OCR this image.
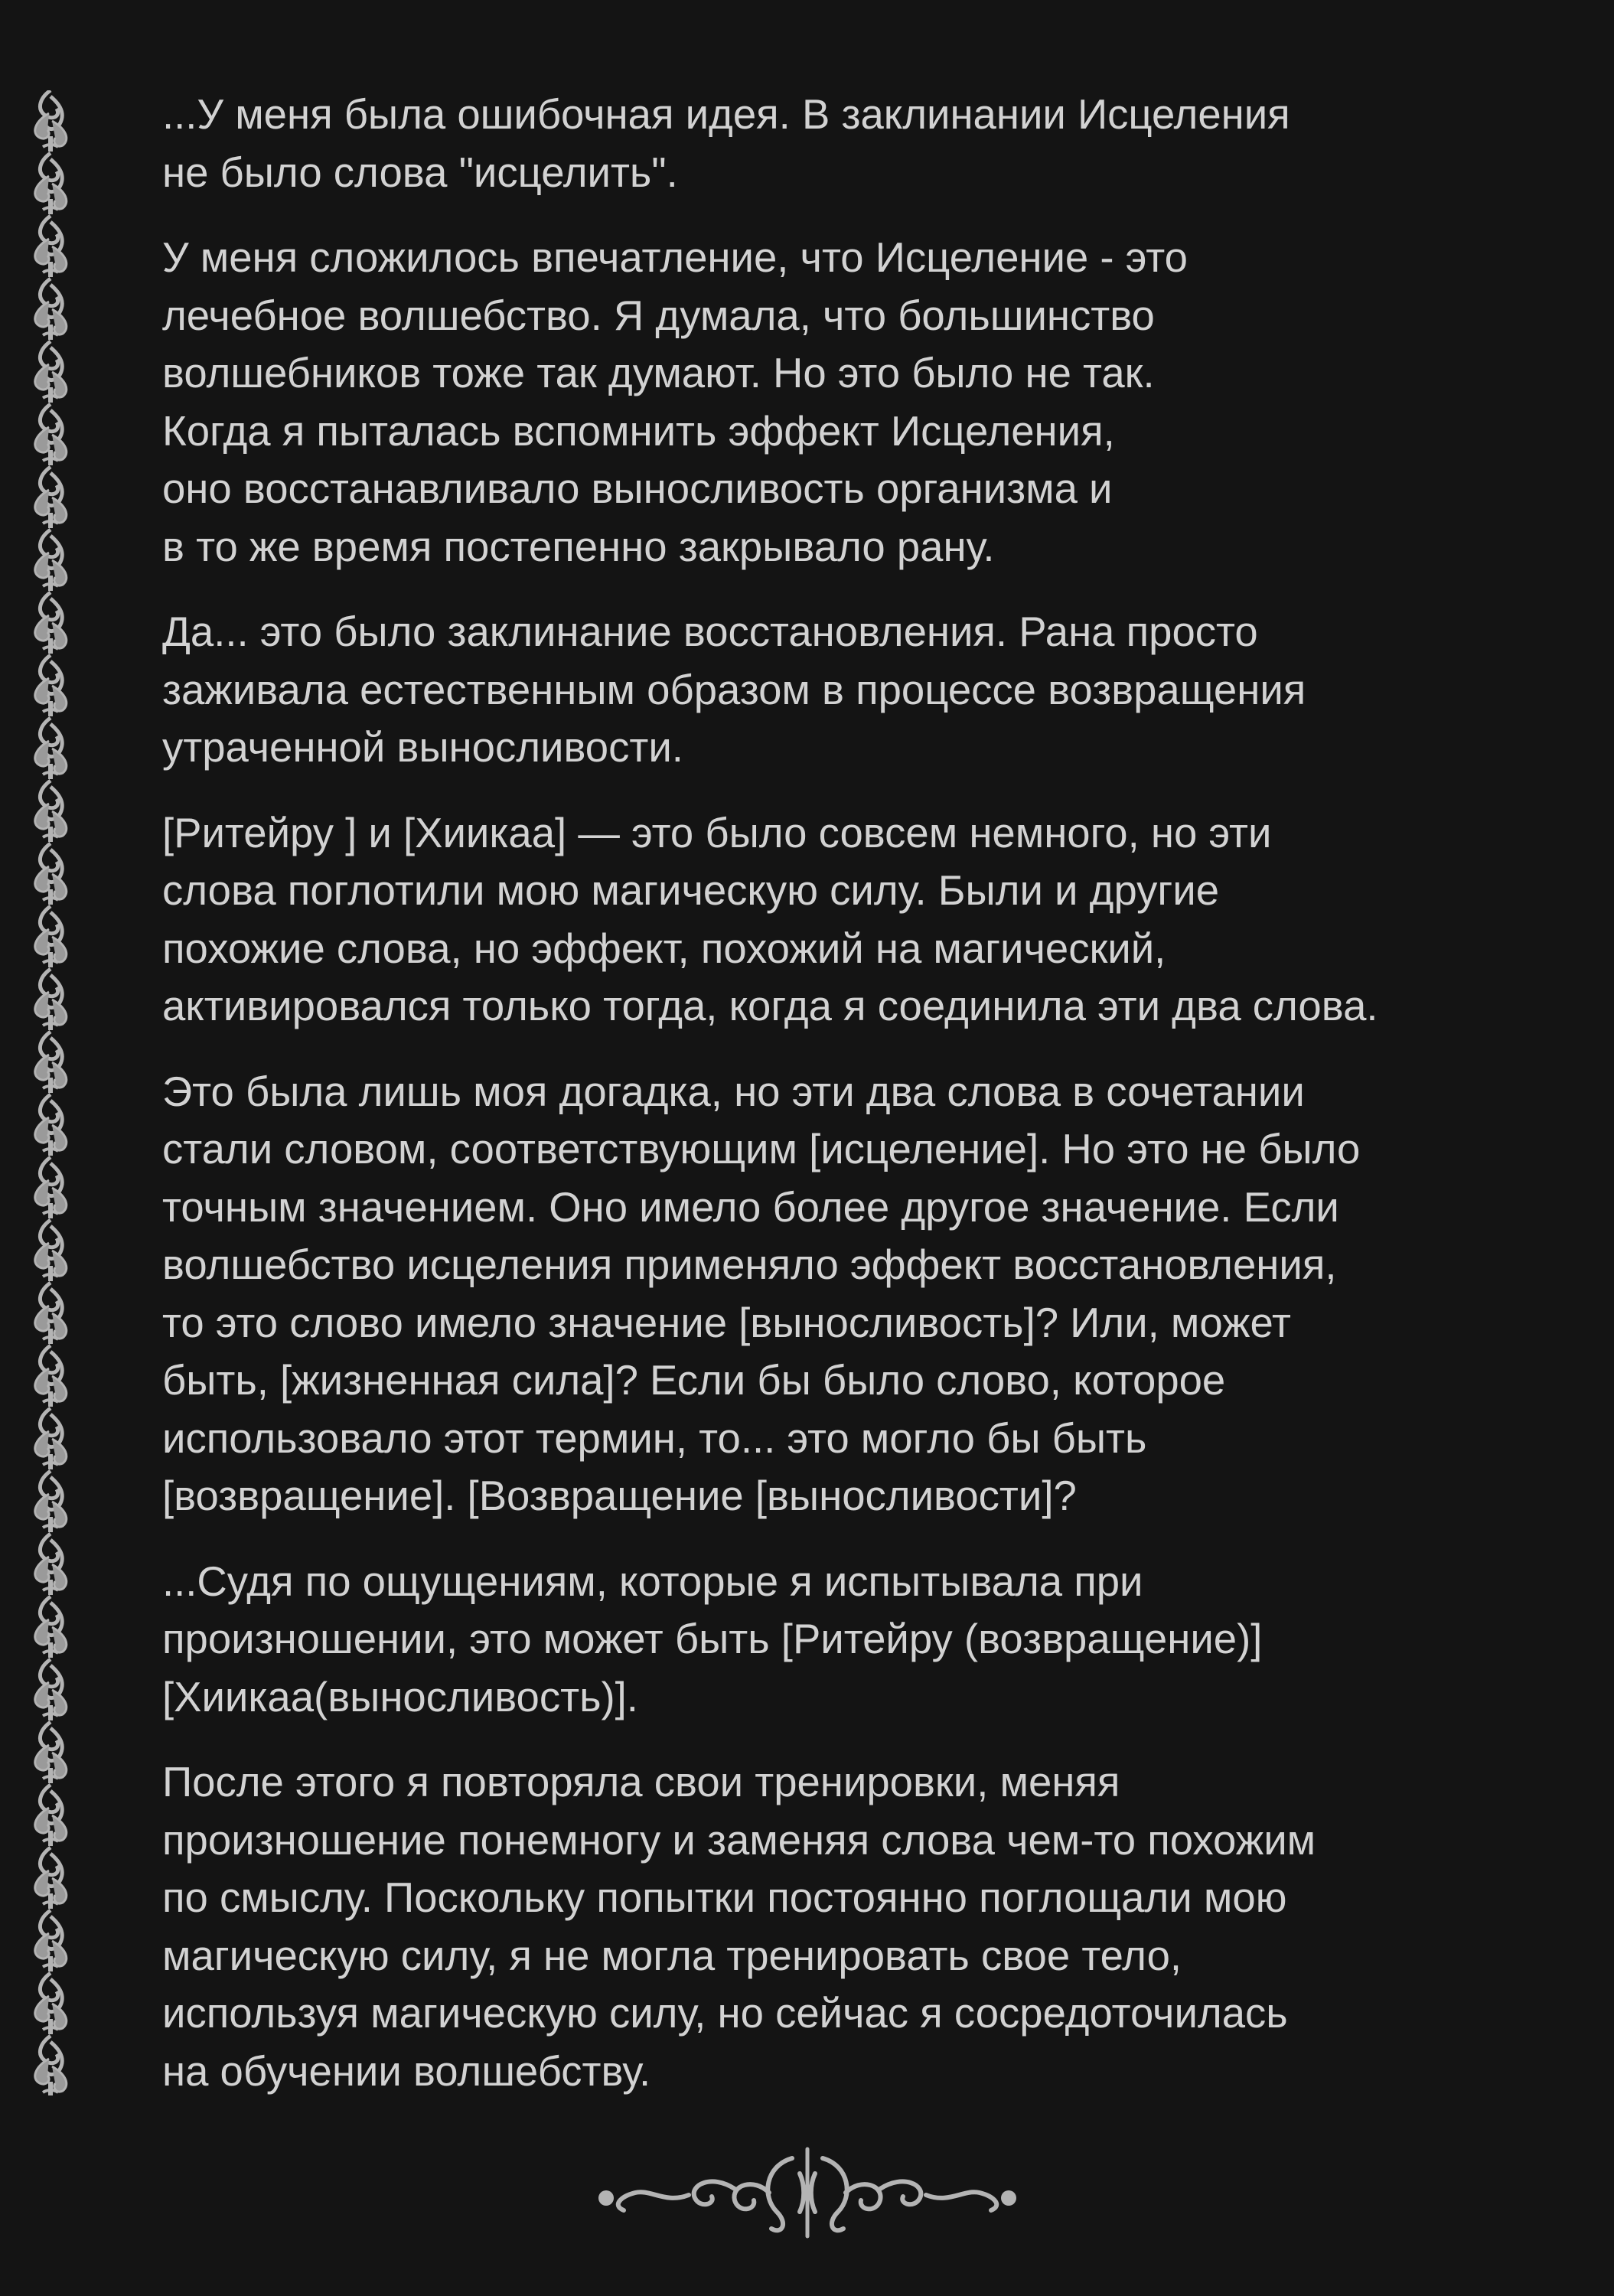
...У меня была ошибочная идея. В заклинании Исцеления
не было слова "исцелить".

У меня сложилось впечатление, что Исцеление - это
лечебное волшебство. Я думала, что большинство
волшебников тоже так думают. Но это было не так.
Когда я пыталась вспомнить эффект Исцеления,
оно восстанавливало выносливость организма и
в то же время постепенно закрывало рану.

Да... это было заклинание восстановления. Рана просто
заживала естественным образом в процессе возвращения
утраченной выносливости.

[Ритейру ] и [Хиикаа] — это было совсем немного, но эти
слова поглотили мою магическую силу. Были и другие
похожие слова, но эффект, похожий на магический,
активировался только тогда, когда я соединила эти два слова.

Это была лишь моя догадка, но эти два слова в сочетании
стали словом, соответствующим [исцеление]. Но это не было
точным значением. Оно имело более другое значение. Если
волшебство исцеления применяло эффект восстановления,
то это слово имело значение [выносливость]? Или, может
быть, [жизненная сила]? Если бы было слово, которое
использовало этот термин, то... это могло бы быть
[возвращение]. [Возвращение [выносливости]?

...Судя по ощущениям, которые я испытывала при
произношении, это может быть [Ритейру (возвращение)]
[Хиикаа(выносливость)].

После этого я повторяла свои тренировки, меняя
произношение понемногу и заменяя слова чем-то похожим
по смыслу. Поскольку попытки постоянно поглощали мою
магическую силу, я не могла тренировать свое тело,
используя магическую силу, но сейчас я сосредоточилась
на обучении волшебству.
